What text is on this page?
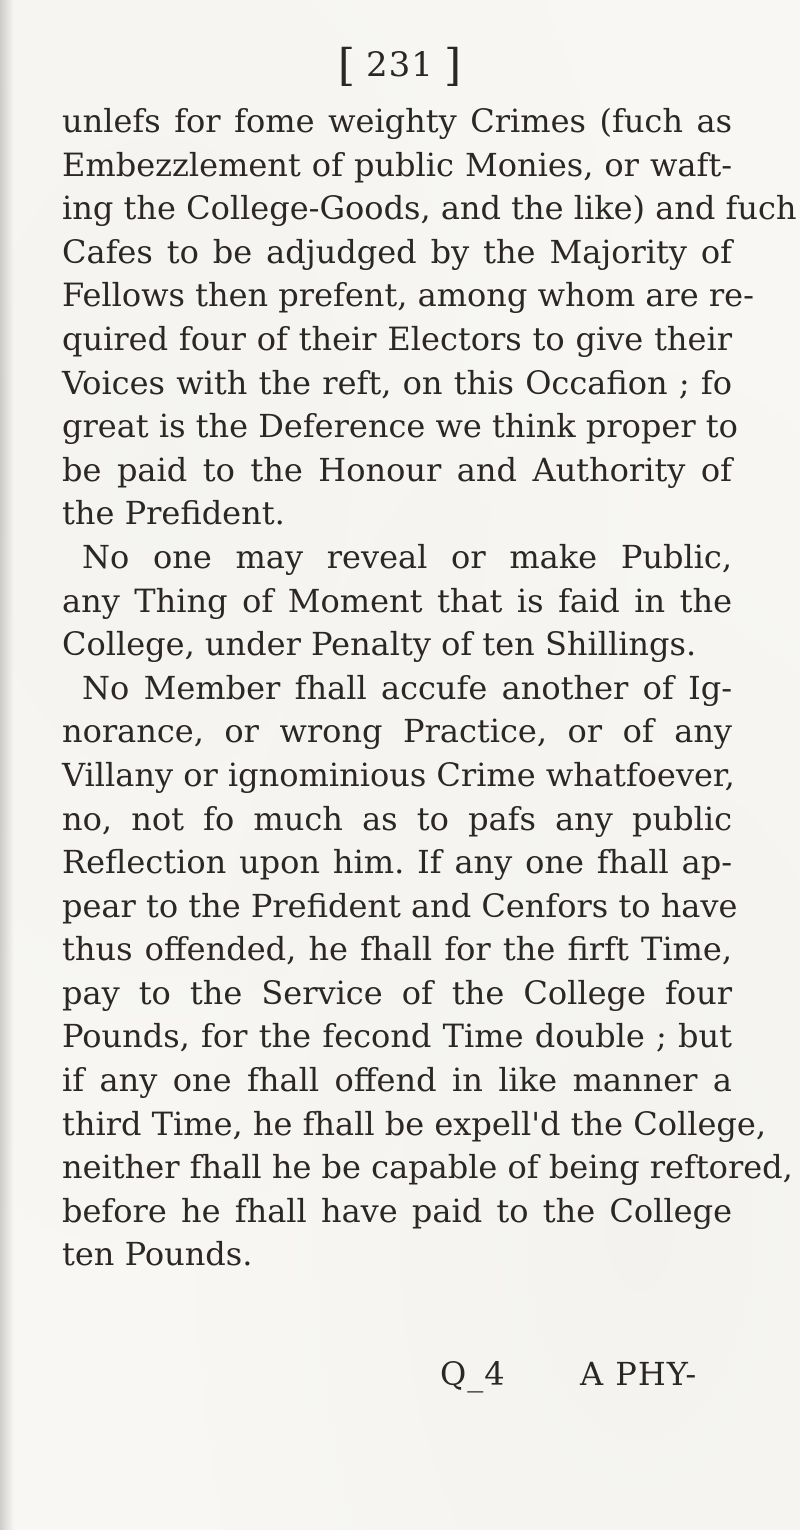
[ 231 ]
unlefs for fome weighty Crimes (fuch as
Embezzlement of public Monies, or waft-
ing the College-Goods, and the like) and fuch
Cafes to be adjudged by the Majority of
Fellows then prefent, among whom are re-
quired four of their Electors to give their
Voices with the reft, on this Occafion ; fo
great is the Deference we think proper to
be paid to the Honour and Authority of
the Prefident.
No one may reveal or make Public,
any Thing of Moment that is faid in the
College, under Penalty of ten Shillings.
No Member fhall accufe another of Ig-
norance, or wrong Practice, or of any
Villany or ignominious Crime whatfoever,
no, not fo much as to pafs any public
Reflection upon him. If any one fhall ap-
pear to the Prefident and Cenfors to have
thus offended, he fhall for the firft Time,
pay to the Service of the College four
Pounds, for the fecond Time double ; but
if any one fhall offend in like manner a
third Time, he fhall be expell'd the College,
neither fhall he be capable of being reftored,
before he fhall have paid to the College
ten Pounds.
Q_4 A PHY-
